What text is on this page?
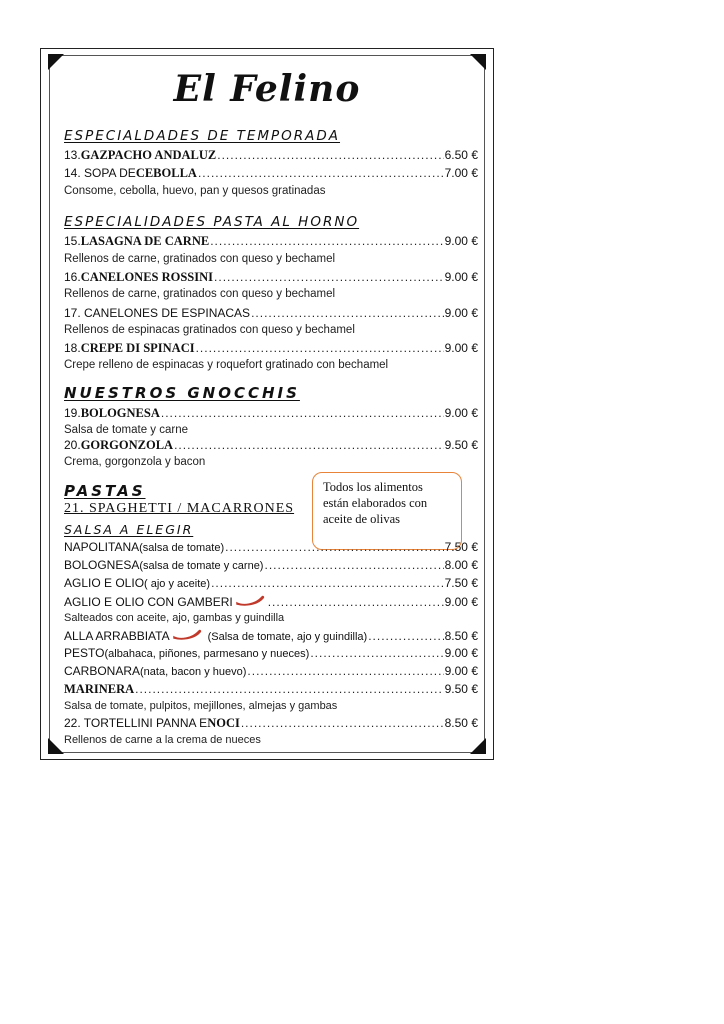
El Felino
ESPECIALDADES DE TEMPORADA
13. GAZPACHO ANDALUZ .....	6.50 €
14. SOPA DE CEBOLLA .....	7.00 €
Consome, cebolla, huevo, pan y quesos gratinadas
ESPECIALIDADES PASTA AL HORNO
15. LASAGNA DE CARNE .....	9.00 €
Rellenos de carne, gratinados con queso y bechamel
16. CANELONES ROSSINI .....	9.00 €
Rellenos de carne, gratinados con queso y bechamel
17. CANELONES DE ESPINACAS .....	9.00 €
Rellenos de espinacas gratinados con queso y bechamel
18. CREPE DI SPINACI .....	9.00 €
Crepe relleno de espinacas y roquefort gratinado con bechamel
NUESTROS GNOCCHIS
19. BOLOGNESA .....	9.00 €
Salsa de tomate y carne
20. GORGONZOLA .....	9.50 €
Crema, gorgonzola y bacon
Todos los alimentos
están elaborados con
aceite de olivas
PASTAS
21. SPAGHETTI / MACARRONES
SALSA A ELEGIR
NAPOLITANA (salsa de tomate) .....	7.50 €
BOLOGNESA (salsa de tomate y carne) .....	8.00 €
AGLIO E OLIO ( ajo y aceite) .....	7.50 €
AGLIO E OLIO CON GAMBERI .....	9.00 €
Salteados con aceite, ajo, gambas y guindilla
ALLA ARRABBIATA	(Salsa de tomate, ajo y guindilla) .....	8.50 €
PESTO (albahaca, piñones, parmesano y nueces) .....	9.00 €
CARBONARA (nata, bacon y huevo) .....	9.00 €
MARINERA .....	9.50 €
Salsa de tomate, pulpitos, mejillones, almejas y gambas
22. TORTELLINI PANNA E NOCI .....	8.50 €
Rellenos de carne a la crema de nueces
